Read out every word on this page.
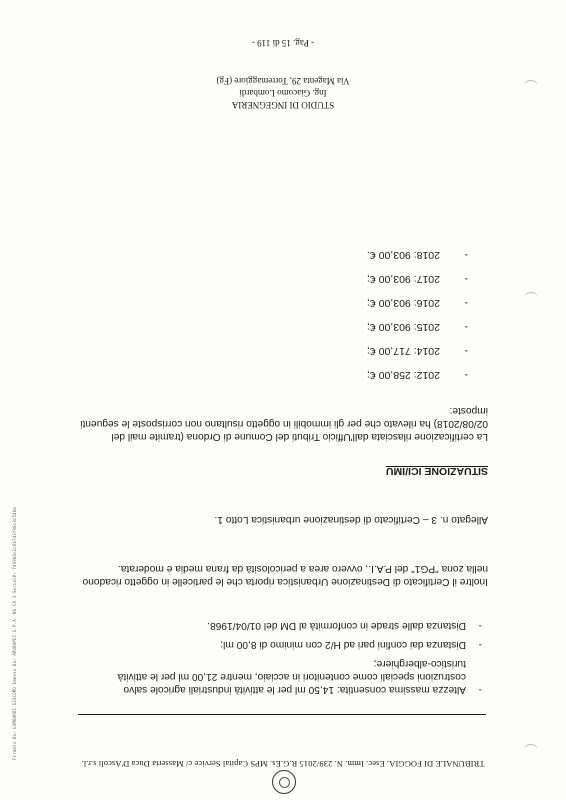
TRIBUNALE DI FOGGIA. Esec. Imm. N. 239/2015 R.G.Es. MPS Capital Service c/ Masseria Duca D'Ascoli s.r.l.
-
Altezza massima consentita: 14,50 ml per le attività industriali agricole salvo costruzioni speciali come contenitori in acciaio, mentre 21,00 ml per le attività turistico-alberghiere;
-
Distanza dai confini pari ad H/2 con minimo di 8,00 ml;
-
Distanza dalle strade in conformità al DM del 01/04/1968.
Inoltre il Certificato di Destinazione Urbanistica riporta che le particelle in oggetto ricadono nella zona "PG1" del P.A.I., ovvero area a pericolosità da frana media e moderata.
Allegato n. 3 – Certificato di destinazione urbanistica Lotto 1.
SITUAZIONE ICI/IMU
La certificazione rilasciata dall'Ufficio Tributi del Comune di Ordona (tramite mail del 02/08/2018) ha rilevato che per gli immobili in oggetto risultano non corrisposte le seguenti imposte:
-2012: 258,00 €;
-2014: 717,00 €;
-2015: 903,00 €;
-2016: 903,00 €;
-2017: 903,00 €;
-2018: 903,00 €.
STUDIO DI INGEGNERIA
Ing. Giacomo Lombardi
Via Magenta 29, Torremaggiore (Fg)
- Pag. 15 di 119 -
Firmato Da: LOMBARDI GIACOMO Emesso Da: ARUBAPEC S.P.A. NG CA 3 Serial#: 7d09b0c2c6b7d3f08c3c54be
